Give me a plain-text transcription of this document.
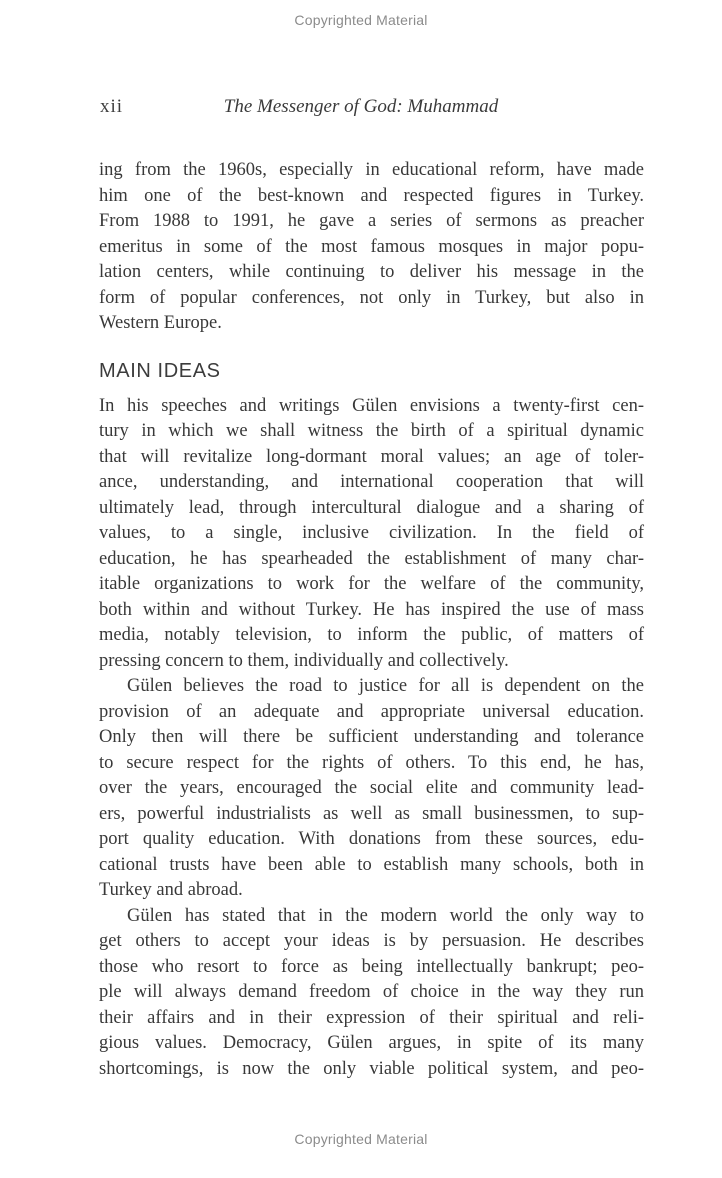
Copyrighted Material
xii	The Messenger of God: Muhammad
ing from the 1960s, especially in educational reform, have made
him one of the best-known and respected figures in Turkey.
From 1988 to 1991, he gave a series of sermons as preacher
emeritus in some of the most famous mosques in major popu-
lation centers, while continuing to deliver his message in the
form of popular conferences, not only in Turkey, but also in
Western Europe.
MAIN IDEAS
In his speeches and writings Gülen envisions a twenty-first cen-
tury in which we shall witness the birth of a spiritual dynamic
that will revitalize long-dormant moral values; an age of toler-
ance, understanding, and international cooperation that will
ultimately lead, through intercultural dialogue and a sharing of
values, to a single, inclusive civilization. In the field of
education, he has spearheaded the establishment of many char-
itable organizations to work for the welfare of the community,
both within and without Turkey. He has inspired the use of mass
media, notably television, to inform the public, of matters of
pressing concern to them, individually and collectively.
Gülen believes the road to justice for all is dependent on the
provision of an adequate and appropriate universal education.
Only then will there be sufficient understanding and tolerance
to secure respect for the rights of others. To this end, he has,
over the years, encouraged the social elite and community lead-
ers, powerful industrialists as well as small businessmen, to sup-
port quality education. With donations from these sources, edu-
cational trusts have been able to establish many schools, both in
Turkey and abroad.
Gülen has stated that in the modern world the only way to
get others to accept your ideas is by persuasion. He describes
those who resort to force as being intellectually bankrupt; peo-
ple will always demand freedom of choice in the way they run
their affairs and in their expression of their spiritual and reli-
gious values. Democracy, Gülen argues, in spite of its many
shortcomings, is now the only viable political system, and peo-
Copyrighted Material
